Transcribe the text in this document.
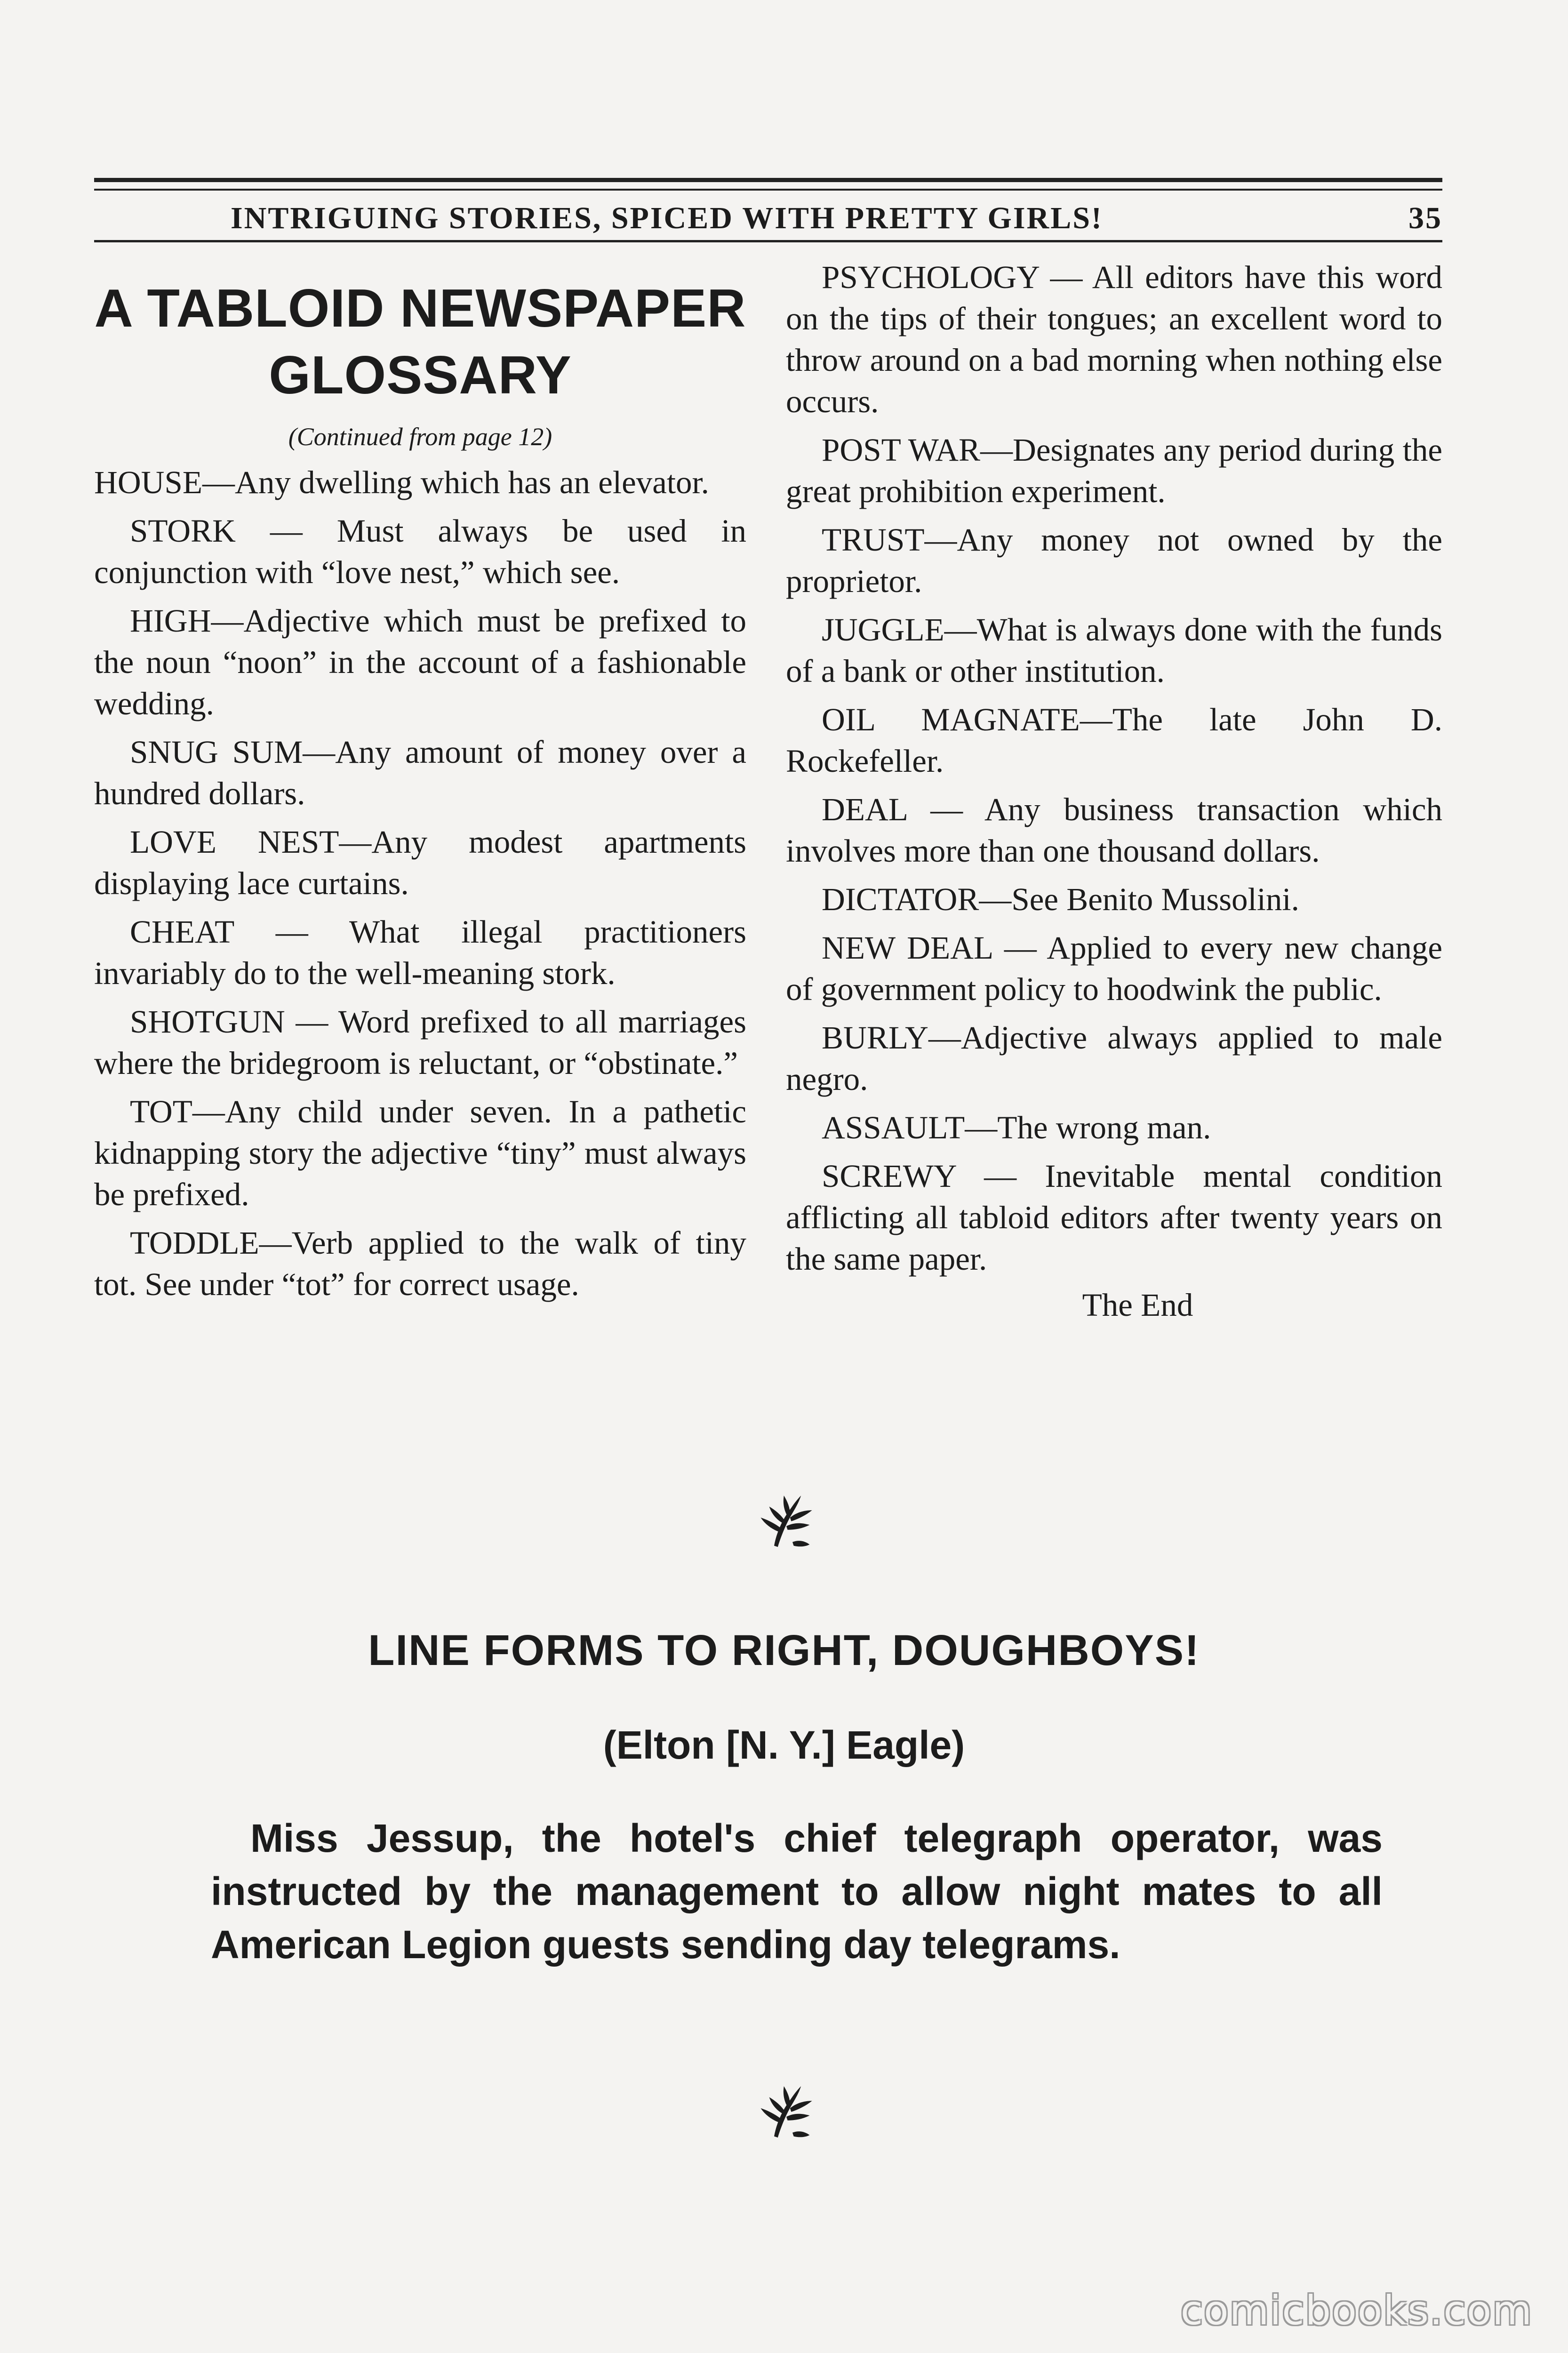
INTRIGUING STORIES, SPICED WITH PRETTY GIRLS!	35
A TABLOID NEWSPAPER
GLOSSARY
(Continued from page 12)

HOUSE—Any dwelling which has an elevator.

STORK — Must always be used in conjunction with “love nest,” which see.

HIGH—Adjective which must be prefixed to the noun “noon” in the account of a fashionable wedding.

SNUG SUM—Any amount of money over a hundred dollars.

LOVE NEST—Any modest apartments displaying lace curtains.

CHEAT — What illegal practitioners invariably do to the well-meaning stork.

SHOTGUN — Word prefixed to all marriages where the bridegroom is reluctant, or “obstinate.”

TOT—Any child under seven. In a pathetic kidnapping story the adjective “tiny” must always be prefixed.

TODDLE—Verb applied to the walk of tiny tot. See under “tot” for correct usage.

PSYCHOLOGY — All editors have this word on the tips of their tongues; an excellent word to throw around on a bad morning when nothing else occurs.

POST WAR—Designates any period during the great prohibition experiment.

TRUST—Any money not owned by the proprietor.

JUGGLE—What is always done with the funds of a bank or other institution.

OIL MAGNATE—The late John D. Rockefeller.

DEAL — Any business transaction which involves more than one thousand dollars.

DICTATOR—See Benito Mussolini.

NEW DEAL — Applied to every new change of government policy to hoodwink the public.

BURLY—Adjective always applied to male negro.

ASSAULT—The wrong man.

SCREWY — Inevitable mental condition afflicting all tabloid editors after twenty years on the same paper.

The End
LINE FORMS TO RIGHT, DOUGHBOYS!
(Elton [N. Y.] Eagle)

Miss Jessup, the hotel's chief telegraph operator, was instructed by the management to allow night mates to all American Legion guests sending day telegrams.

comicbooks.com
